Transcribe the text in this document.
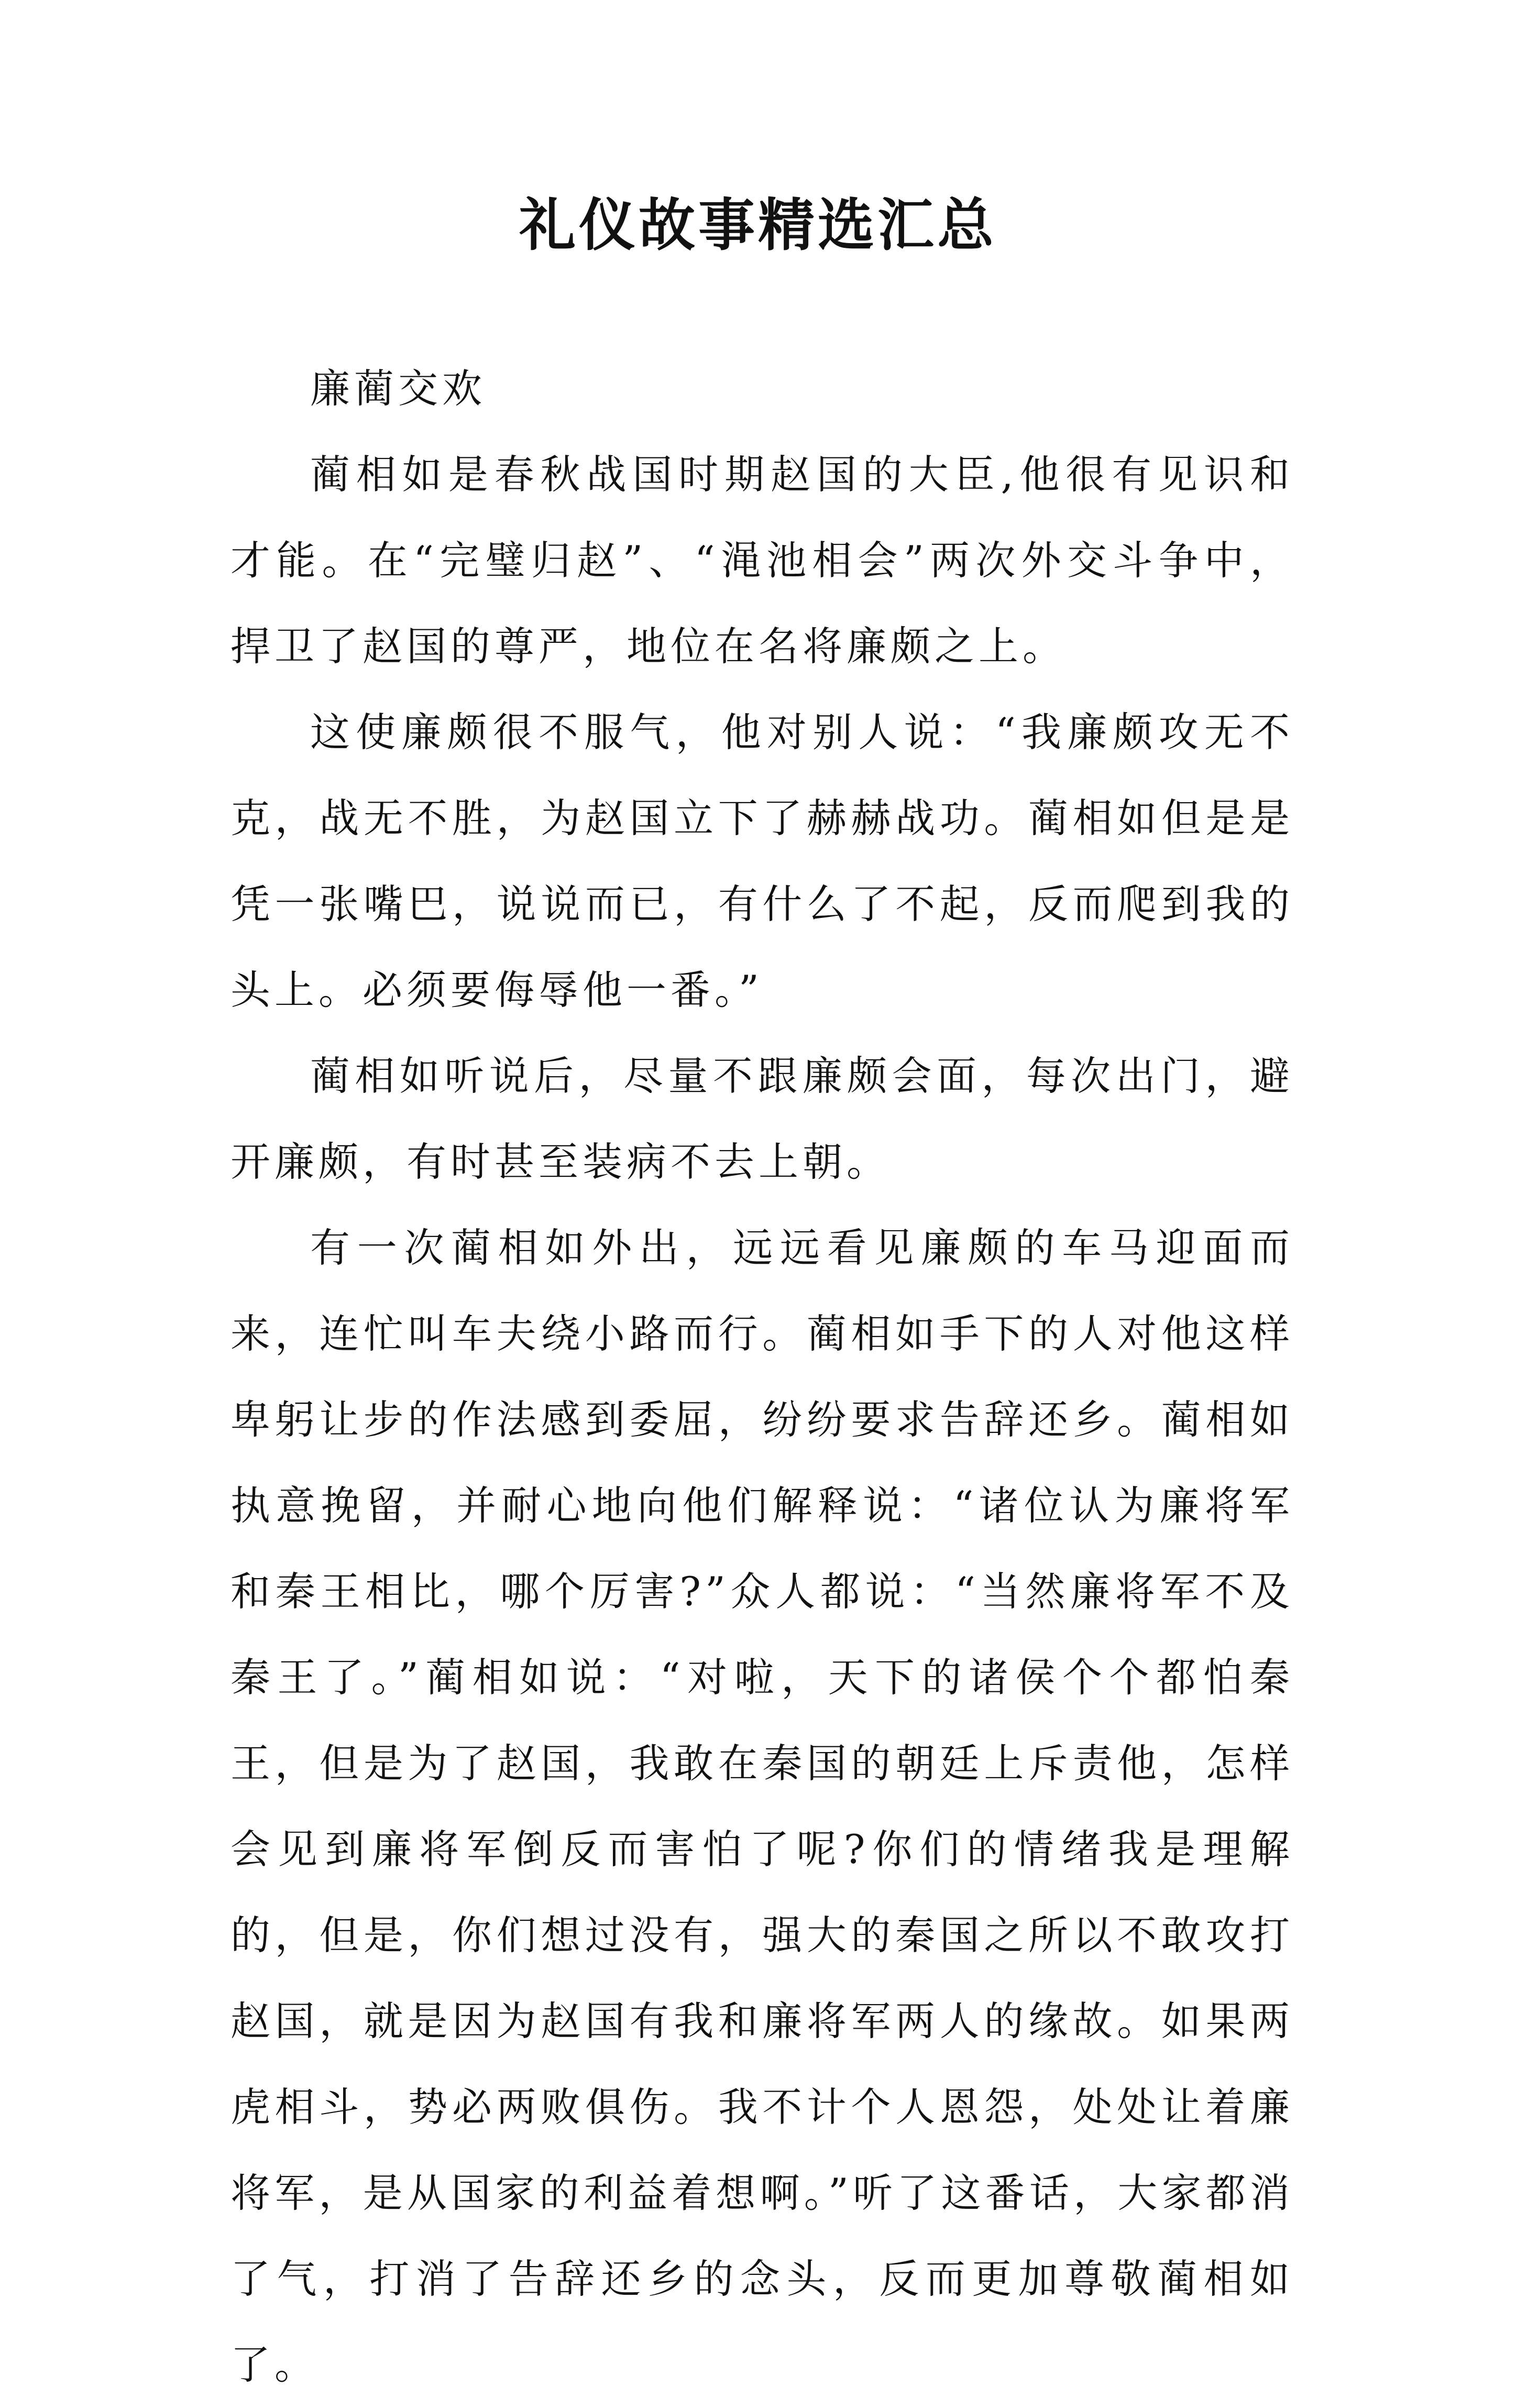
礼仪故事精选汇总

廉蔺交欢

蔺相如是春秋战国时期赵国的大臣,他很有见识和才能。在“完璧归赵”、“渑池相会”两次外交斗争中，捍卫了赵国的尊严，地位在名将廉颇之上。

这使廉颇很不服气，他对别人说：“我廉颇攻无不克，战无不胜，为赵国立下了赫赫战功。蔺相如但是是凭一张嘴巴，说说而已，有什么了不起，反而爬到我的头上。必须要侮辱他一番。”

蔺相如听说后，尽量不跟廉颇会面，每次出门，避开廉颇，有时甚至装病不去上朝。

有一次蔺相如外出，远远看见廉颇的车马迎面而来，连忙叫车夫绕小路而行。蔺相如手下的人对他这样卑躬让步的作法感到委屈，纷纷要求告辞还乡。蔺相如执意挽留，并耐心地向他们解释说：“诸位认为廉将军和秦王相比，哪个厉害?”众人都说：“当然廉将军不及秦王了。”蔺相如说：“对啦，天下的诸侯个个都怕秦王，但是为了赵国，我敢在秦国的朝廷上斥责他，怎样会见到廉将军倒反而害怕了呢?你们的情绪我是理解的，但是，你们想过没有，强大的秦国之所以不敢攻打赵国，就是因为赵国有我和廉将军两人的缘故。如果两虎相斗，势必两败俱伤。我不计个人恩怨，处处让着廉将军，是从国家的利益着想啊。”听了这番话，大家都消了气，打消了告辞还乡的念头，反而更加尊敬蔺相如了。
